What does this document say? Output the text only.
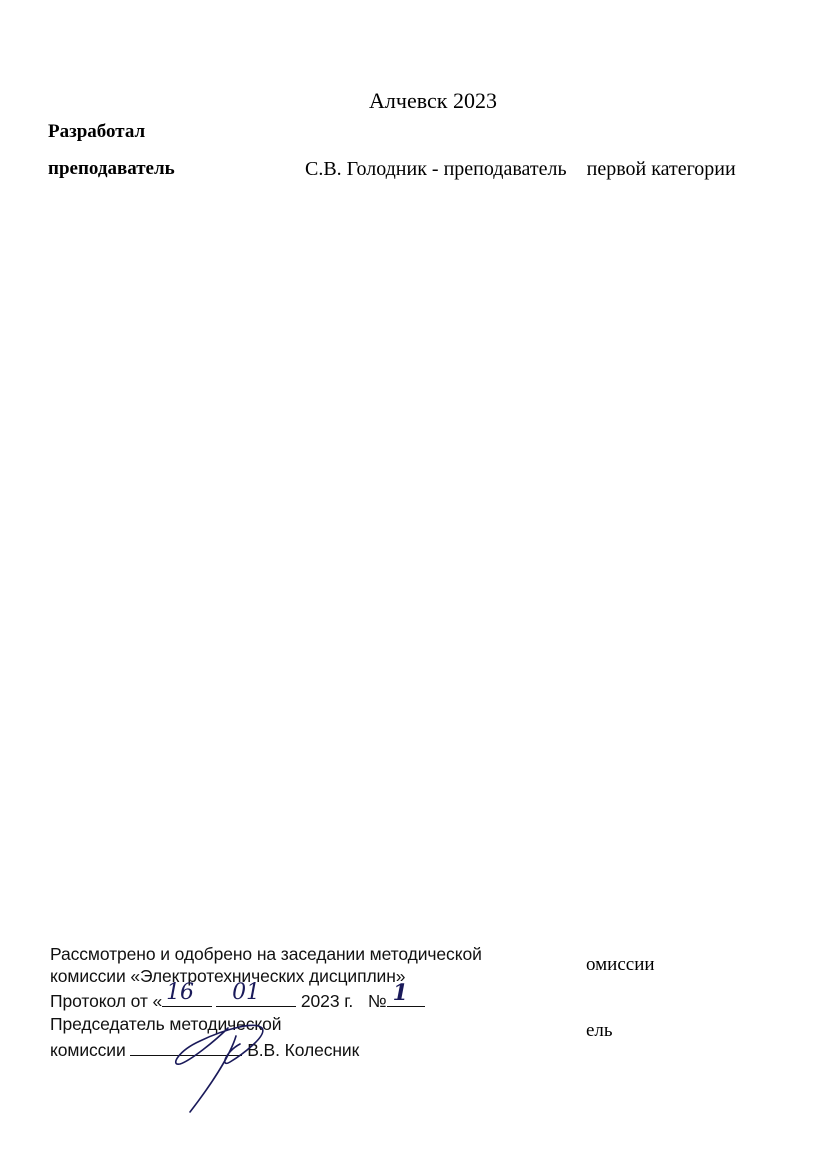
Алчевск 2023
Разработал
преподаватель	С.В. Голодник - преподаватель первой категории
Рассмотрено и одобрено на заседании методической
комиссии «Электротехнических дисциплин»
Протокол от « 16 01 2023 г. № 1
Председатель методической
комиссии	В.В. Колесник
омиссии
ель
